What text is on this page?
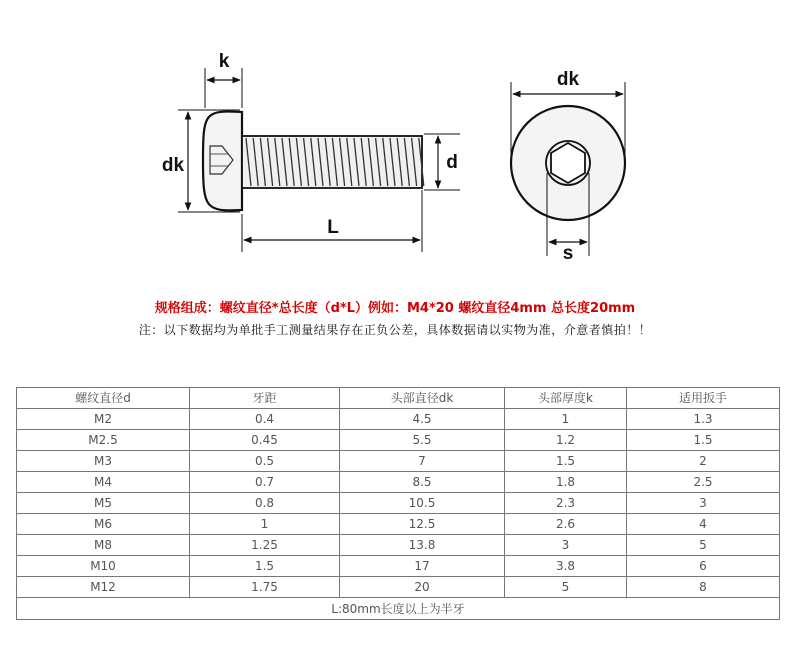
k
dk	d
L
dk
s
规格组成：螺纹直径*总长度（d*L）例如：M4*20 螺纹直径4mm 总长度20mm
注：以下数据均为单批手工测量结果存在正负公差，具体数据请以实物为准，介意者慎拍！！
螺纹直径d	牙距	头部直径dk	头部厚度k	适用扳手
M2	0.4	4.5	1	1.3
M2.5	0.45	5.5	1.2	1.5
M3	0.5	7	1.5	2
M4	0.7	8.5	1.8	2.5
M5	0.8	10.5	2.3	3
M6	1	12.5	2.6	4
M8	1.25	13.8	3	5
M10	1.5	17	3.8	6
M12	1.75	20	5	8
L:80mm长度以上为半牙				
